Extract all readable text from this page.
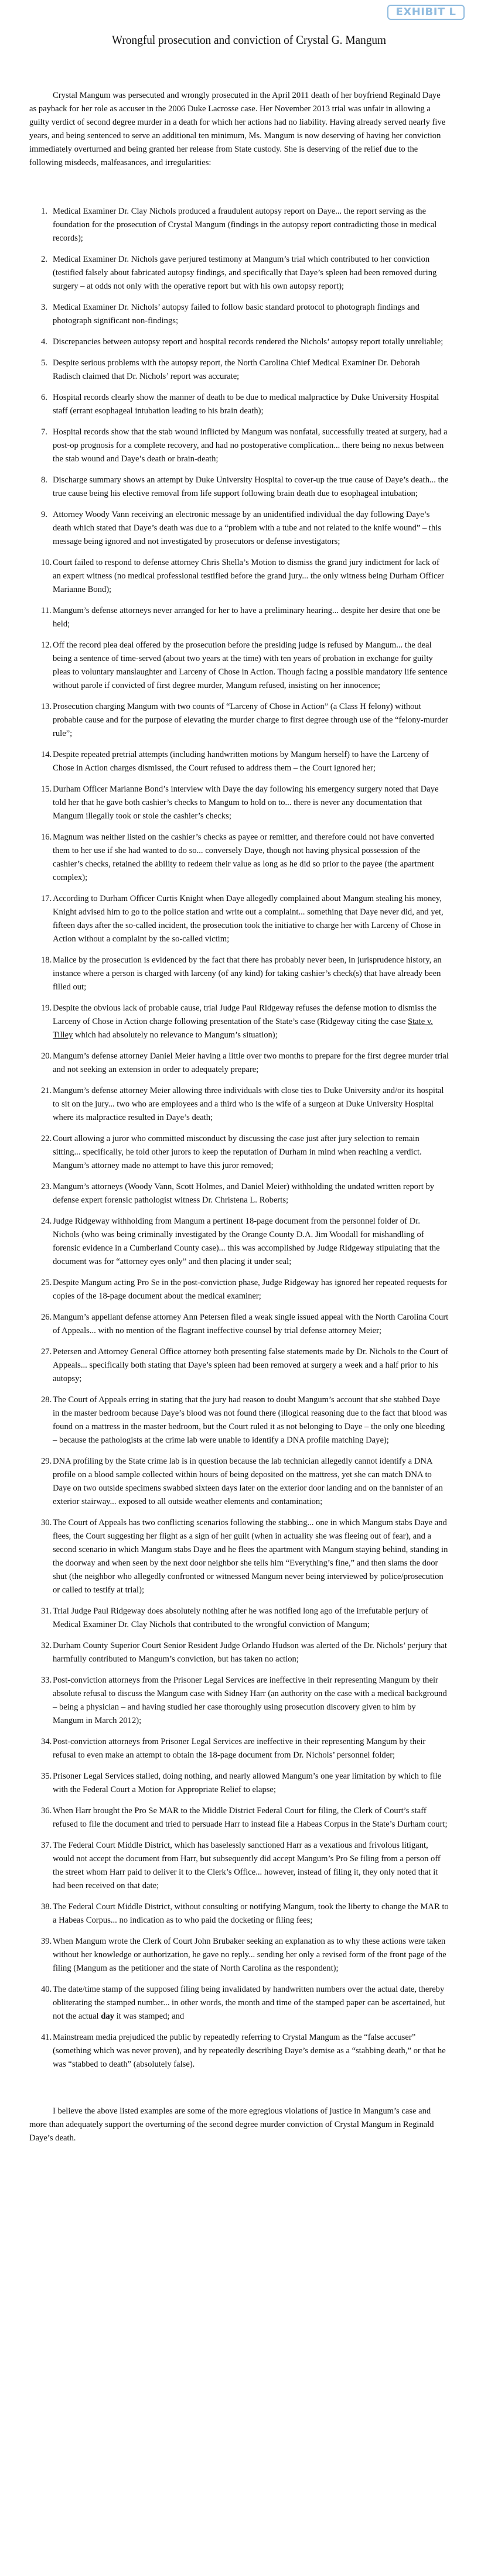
EXHIBIT L
Wrongful prosecution and conviction of Crystal G. Mangum

Crystal Mangum was persecuted and wrongly prosecuted in the April 2011 death of her boyfriend Reginald Daye as payback for her role as accuser in the 2006 Duke Lacrosse case. Her November 2013 trial was unfair in allowing a guilty verdict of second degree murder in a death for which her actions had no liability. Having already served nearly five years, and being sentenced to serve an additional ten minimum, Ms. Mangum is now deserving of having her conviction immediately overturned and being granted her release from State custody. She is deserving of the relief due to the following misdeeds, malfeasances, and irregularities:

1. Medical Examiner Dr. Clay Nichols produced a fraudulent autopsy report on Daye... the report serving as the foundation for the prosecution of Crystal Mangum (findings in the autopsy report contradicting those in medical records);
2. Medical Examiner Dr. Nichols gave perjured testimony at Mangum’s trial which contributed to her conviction (testified falsely about fabricated autopsy findings, and specifically that Daye’s spleen had been removed during surgery – at odds not only with the operative report but with his own autopsy report);
3. Medical Examiner Dr. Nichols’ autopsy failed to follow basic standard protocol to photograph findings and photograph significant non-findings;
4. Discrepancies between autopsy report and hospital records rendered the Nichols’ autopsy report totally unreliable;
5. Despite serious problems with the autopsy report, the North Carolina Chief Medical Examiner Dr. Deborah Radisch claimed that Dr. Nichols’ report was accurate;
6. Hospital records clearly show the manner of death to be due to medical malpractice by Duke University Hospital staff (errant esophageal intubation leading to his brain death);
7. Hospital records show that the stab wound inflicted by Mangum was nonfatal, successfully treated at surgery, had a post-op prognosis for a complete recovery, and had no postoperative complication... there being no nexus between the stab wound and Daye’s death or brain-death;
8. Discharge summary shows an attempt by Duke University Hospital to cover-up the true cause of Daye’s death... the true cause being his elective removal from life support following brain death due to esophageal intubation;
9. Attorney Woody Vann receiving an electronic message by an unidentified individual the day following Daye’s death which stated that Daye’s death was due to a “problem with a tube and not related to the knife wound” – this message being ignored and not investigated by prosecutors or defense investigators;
10. Court failed to respond to defense attorney Chris Shella’s Motion to dismiss the grand jury indictment for lack of an expert witness (no medical professional testified before the grand jury... the only witness being Durham Officer Marianne Bond);
11. Mangum’s defense attorneys never arranged for her to have a preliminary hearing... despite her desire that one be held;
12. Off the record plea deal offered by the prosecution before the presiding judge is refused by Mangum... the deal being a sentence of time-served (about two years at the time) with ten years of probation in exchange for guilty pleas to voluntary manslaughter and Larceny of Chose in Action. Though facing a possible mandatory life sentence without parole if convicted of first degree murder, Mangum refused, insisting on her innocence;
13. Prosecution charging Mangum with two counts of “Larceny of Chose in Action” (a Class H felony) without probable cause and for the purpose of elevating the murder charge to first degree through use of the “felony-murder rule”;
14. Despite repeated pretrial attempts (including handwritten motions by Mangum herself) to have the Larceny of Chose in Action charges dismissed, the Court refused to address them – the Court ignored her;
15. Durham Officer Marianne Bond’s interview with Daye the day following his emergency surgery noted that Daye told her that he gave both cashier’s checks to Mangum to hold on to... there is never any documentation that Mangum illegally took or stole the cashier’s checks;
16. Magnum was neither listed on the cashier’s checks as payee or remitter, and therefore could not have converted them to her use if she had wanted to do so... conversely Daye, though not having physical possession of the cashier’s checks, retained the ability to redeem their value as long as he did so prior to the payee (the apartment complex);
17. According to Durham Officer Curtis Knight when Daye allegedly complained about Mangum stealing his money, Knight advised him to go to the police station and write out a complaint... something that Daye never did, and yet, fifteen days after the so-called incident, the prosecution took the initiative to charge her with Larceny of Chose in Action without a complaint by the so-called victim;
18. Malice by the prosecution is evidenced by the fact that there has probably never been, in jurisprudence history, an instance where a person is charged with larceny (of any kind) for taking cashier’s check(s) that have already been filled out;
19. Despite the obvious lack of probable cause, trial Judge Paul Ridgeway refuses the defense motion to dismiss the Larceny of Chose in Action charge following presentation of the State’s case (Ridgeway citing the case State v. Tilley which had absolutely no relevance to Mangum’s situation);
20. Mangum’s defense attorney Daniel Meier having a little over two months to prepare for the first degree murder trial and not seeking an extension in order to adequately prepare;
21. Mangum’s defense attorney Meier allowing three individuals with close ties to Duke University and/or its hospital to sit on the jury... two who are employees and a third who is the wife of a surgeon at Duke University Hospital where its malpractice resulted in Daye’s death;
22. Court allowing a juror who committed misconduct by discussing the case just after jury selection to remain sitting... specifically, he told other jurors to keep the reputation of Durham in mind when reaching a verdict. Mangum’s attorney made no attempt to have this juror removed;
23. Mangum’s attorneys (Woody Vann, Scott Holmes, and Daniel Meier) withholding the undated written report by defense expert forensic pathologist witness Dr. Christena L. Roberts;
24. Judge Ridgeway withholding from Mangum a pertinent 18-page document from the personnel folder of Dr. Nichols (who was being criminally investigated by the Orange County D.A. Jim Woodall for mishandling of forensic evidence in a Cumberland County case)... this was accomplished by Judge Ridgeway stipulating that the document was for “attorney eyes only” and then placing it under seal;
25. Despite Mangum acting Pro Se in the post-conviction phase, Judge Ridgeway has ignored her repeated requests for copies of the 18-page document about the medical examiner;
26. Mangum’s appellant defense attorney Ann Petersen filed a weak single issued appeal with the North Carolina Court of Appeals... with no mention of the flagrant ineffective counsel by trial defense attorney Meier;
27. Petersen and Attorney General Office attorney both presenting false statements made by Dr. Nichols to the Court of Appeals... specifically both stating that Daye’s spleen had been removed at surgery a week and a half prior to his autopsy;
28. The Court of Appeals erring in stating that the jury had reason to doubt Mangum’s account that she stabbed Daye in the master bedroom because Daye’s blood was not found there (illogical reasoning due to the fact that blood was found on a mattress in the master bedroom, but the Court ruled it as not belonging to Daye – the only one bleeding – because the pathologists at the crime lab were unable to identify a DNA profile matching Daye);
29. DNA profiling by the State crime lab is in question because the lab technician allegedly cannot identify a DNA profile on a blood sample collected within hours of being deposited on the mattress, yet she can match DNA to Daye on two outside specimens swabbed sixteen days later on the exterior door landing and on the bannister of an exterior stairway... exposed to all outside weather elements and contamination;
30. The Court of Appeals has two conflicting scenarios following the stabbing... one in which Mangum stabs Daye and flees, the Court suggesting her flight as a sign of her guilt (when in actuality she was fleeing out of fear), and a second scenario in which Mangum stabs Daye and he flees the apartment with Mangum staying behind, standing in the doorway and when seen by the next door neighbor she tells him “Everything’s fine,” and then slams the door shut (the neighbor who allegedly confronted or witnessed Mangum never being interviewed by police/prosecution or called to testify at trial);
31. Trial Judge Paul Ridgeway does absolutely nothing after he was notified long ago of the irrefutable perjury of Medical Examiner Dr. Clay Nichols that contributed to the wrongful conviction of Mangum;
32. Durham County Superior Court Senior Resident Judge Orlando Hudson was alerted of the Dr. Nichols’ perjury that harmfully contributed to Mangum’s conviction, but has taken no action;
33. Post-conviction attorneys from the Prisoner Legal Services are ineffective in their representing Mangum by their absolute refusal to discuss the Mangum case with Sidney Harr (an authority on the case with a medical background – being a physician – and having studied her case thoroughly using prosecution discovery given to him by Mangum in March 2012);
34. Post-conviction attorneys from Prisoner Legal Services are ineffective in their representing Mangum by their refusal to even make an attempt to obtain the 18-page document from Dr. Nichols’ personnel folder;
35. Prisoner Legal Services stalled, doing nothing, and nearly allowed Mangum’s one year limitation by which to file with the Federal Court a Motion for Appropriate Relief to elapse;
36. When Harr brought the Pro Se MAR to the Middle District Federal Court for filing, the Clerk of Court’s staff refused to file the document and tried to persuade Harr to instead file a Habeas Corpus in the State’s Durham court;
37. The Federal Court Middle District, which has baselessly sanctioned Harr as a vexatious and frivolous litigant, would not accept the document from Harr, but subsequently did accept Mangum’s Pro Se filing from a person off the street whom Harr paid to deliver it to the Clerk’s Office... however, instead of filing it, they only noted that it had been received on that date;
38. The Federal Court Middle District, without consulting or notifying Mangum, took the liberty to change the MAR to a Habeas Corpus... no indication as to who paid the docketing or filing fees;
39. When Mangum wrote the Clerk of Court John Brubaker seeking an explanation as to why these actions were taken without her knowledge or authorization, he gave no reply... sending her only a revised form of the front page of the filing (Mangum as the petitioner and the state of North Carolina as the respondent);
40. The date/time stamp of the supposed filing being invalidated by handwritten numbers over the actual date, thereby obliterating the stamped number... in other words, the month and time of the stamped paper can be ascertained, but not the actual day it was stamped; and
41. Mainstream media prejudiced the public by repeatedly referring to Crystal Mangum as the “false accuser” (something which was never proven), and by repeatedly describing Daye’s demise as a “stabbing death,” or that he was “stabbed to death” (absolutely false).

I believe the above listed examples are some of the more egregious violations of justice in Mangum’s case and more than adequately support the overturning of the second degree murder conviction of Crystal Mangum in Reginald Daye’s death.
